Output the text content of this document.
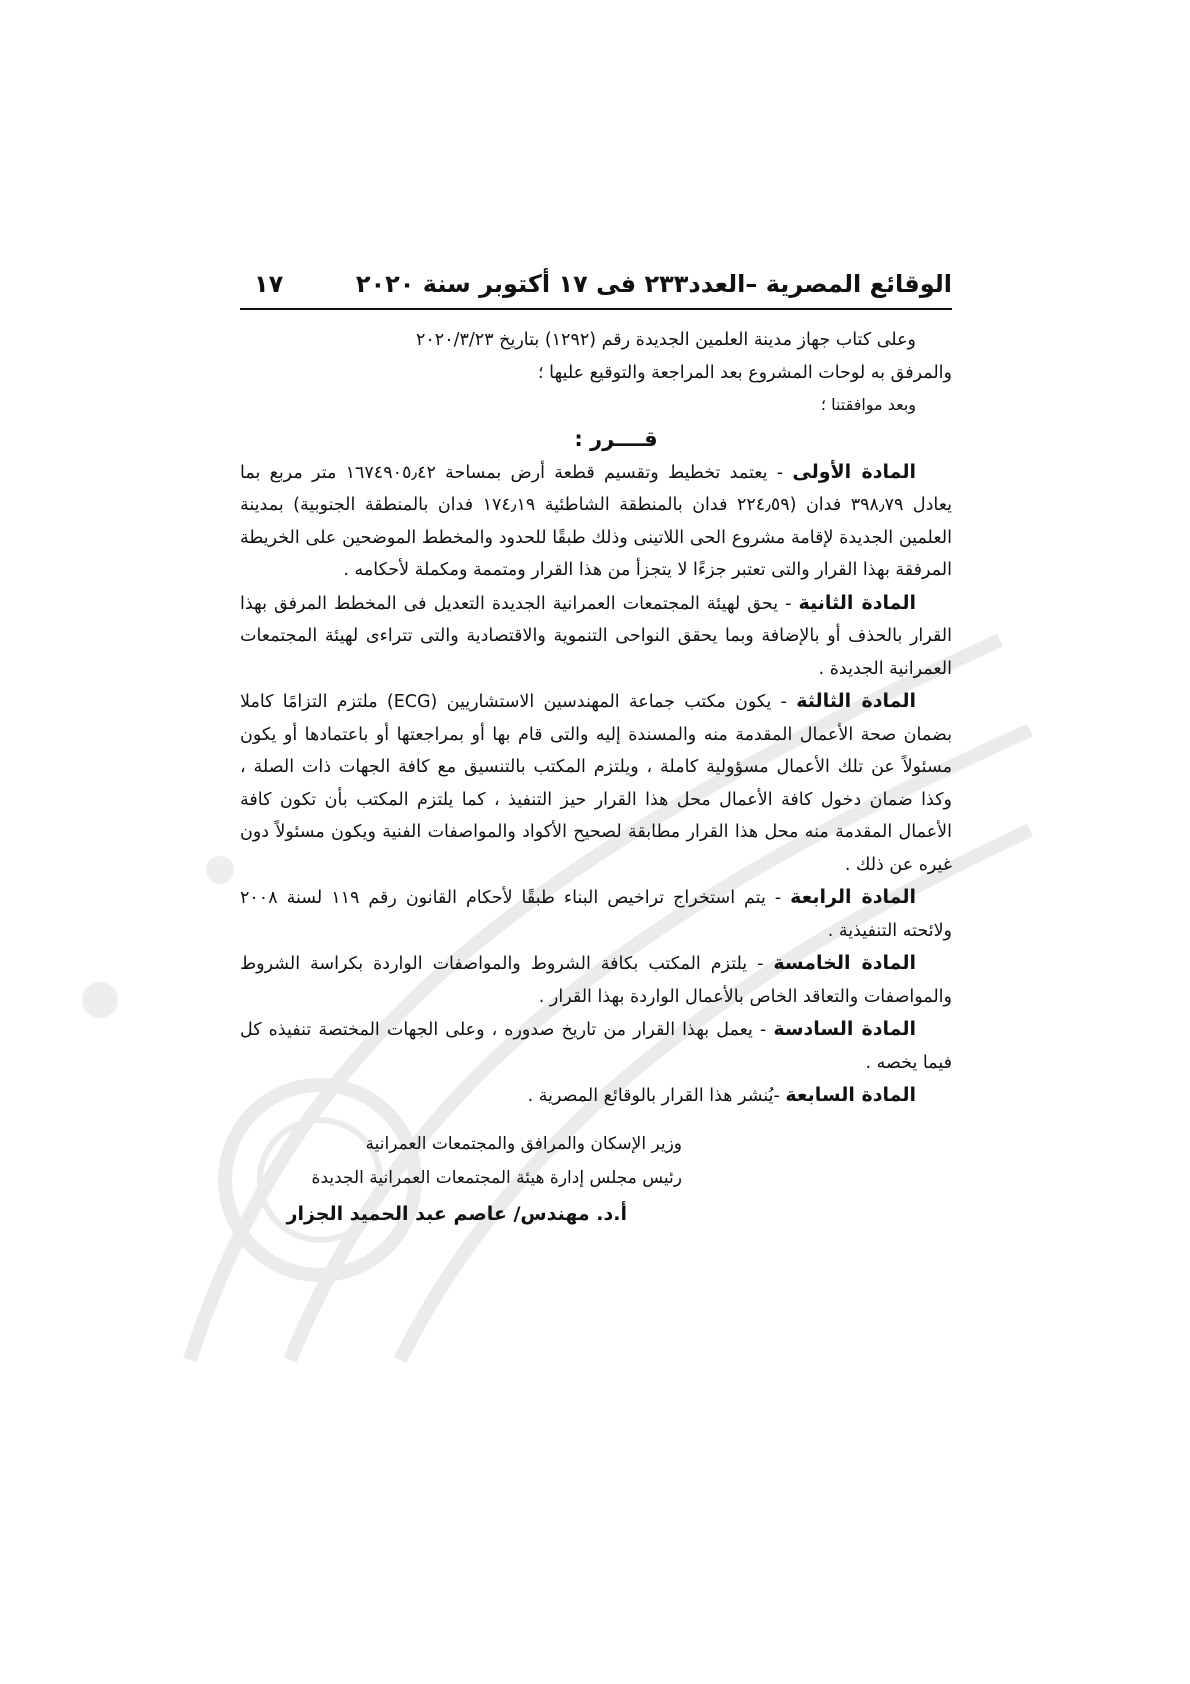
الوقائع المصرية –العدد٢٣٣ فى ١٧ أكتوبر سنة ٢٠٢٠
١٧

وعلى كتاب جهاز مدينة العلمين الجديدة رقم (١٢٩٢) بتاريخ ٢٠٢٠/٣/٢٣

والمرفق به لوحات المشروع بعد المراجعة والتوقيع عليها ؛

وبعد موافقتنا ؛

قــــرر :

المادة الأولى - يعتمد تخطيط وتقسيم قطعة أرض بمساحة ١٦٧٤٩٠٥٫٤٢ متر مربع بما يعادل ٣٩٨٫٧٩ فدان (٢٢٤٫٥٩ فدان بالمنطقة الشاطئية ١٧٤٫١٩ فدان بالمنطقة الجنوبية) بمدينة العلمين الجديدة لإقامة مشروع الحى اللاتينى وذلك طبقًا للحدود والمخطط الموضحين على الخريطة المرفقة بهذا القرار والتى تعتبر جزءًا لا يتجزأ من هذا القرار ومتممة ومكملة لأحكامه .

المادة الثانية - يحق لهيئة المجتمعات العمرانية الجديدة التعديل فى المخطط المرفق بهذا القرار بالحذف أو بالإضافة وبما يحقق النواحى التنموية والاقتصادية والتى تتراءى لهيئة المجتمعات العمرانية الجديدة .

المادة الثالثة - يكون مكتب جماعة المهندسين الاستشاريين (ECG) ملتزم التزامًا كاملا بضمان صحة الأعمال المقدمة منه والمسندة إليه والتى قام بها أو بمراجعتها أو باعتمادها أو يكون مسئولاً عن تلك الأعمال مسؤولية كاملة ، ويلتزم المكتب بالتنسيق مع كافة الجهات ذات الصلة ، وكذا ضمان دخول كافة الأعمال محل هذا القرار حيز التنفيذ ، كما يلتزم المكتب بأن تكون كافة الأعمال المقدمة منه محل هذا القرار مطابقة لصحيح الأكواد والمواصفات الفنية ويكون مسئولاً دون غيره عن ذلك .

المادة الرابعة - يتم استخراج تراخيص البناء طبقًا لأحكام القانون رقم ١١٩ لسنة ٢٠٠٨ ولائحته التنفيذية .

المادة الخامسة - يلتزم المكتب بكافة الشروط والمواصفات الواردة بكراسة الشروط والمواصفات والتعاقد الخاص بالأعمال الواردة بهذا القرار .

المادة السادسة - يعمل بهذا القرار من تاريخ صدوره ، وعلى الجهات المختصة تنفيذه كل فيما يخصه .

المادة السابعة -يُنشر هذا القرار بالوقائع المصرية .

وزير الإسكان والمرافق والمجتمعات العمرانية
رئيس مجلس إدارة هيئة المجتمعات العمرانية الجديدة
أ.د. مهندس/ عاصم عبد الحميد الجزار
